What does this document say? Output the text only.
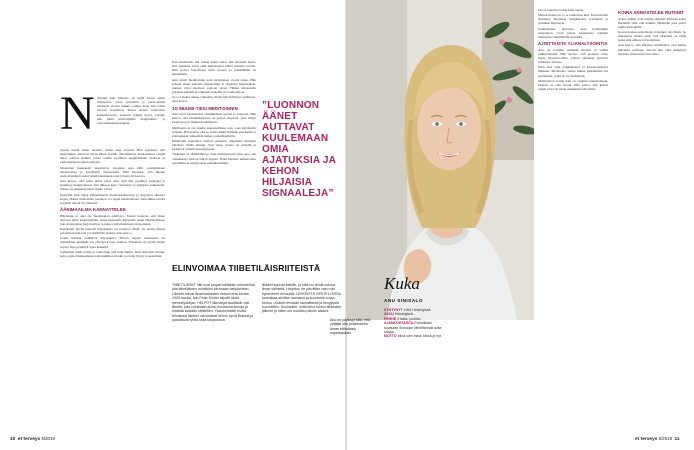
N äytelijä Anu Sinisalo oli neljä vuotta sitten tilanteessa, jossa työelämä ja perhe-elämä tuntuivat vievän kaikki voimat. Kun hän viime talvena harjoitteli Turun linnan teatterissa komediaroolia, teatterin johtaja kysyi, voisiko hän pitää näyttelijöille hengittämis- ja rentoutumisharjoituksia.

Ajatus tuntui ensin oudolta, mutta Anu suostui. Hän huomasi, että harjoitukset auttoivat myös häntä itseään. Muutamassa kuukaudessa ryhmä alkoi odottaa hetkiä, joissa saatiin pysähtyä hengittämään yhdessä ja rauhoittumaan ennen esitystä.

Muutamat kuukaudet muuttuivat vuosiksi. Anu lähti opiskelemaan meditaatiota ja käytännön menetelmiä. Hän huomasi, että mielen rauhoittaminen auttoi häntä jaksamaan sekä työssä että kotona.

Anu kertoo, että sama tunne palaa aina, kun hän pysähtyy hetkeksi ja keskittyy hengitykseen. Sen jälkeen keho rentoutuu ja ajatukset selkenevät. Tunne on yksinkertainen, mutta vahva.

Nykyään Anu ohjaa säännöllisesti meditaatiokursseja ja kirjoittaa aiheesta kirjaa. Hänen mielestään jokainen voi oppia meditoimaan, eikä siihen tarvita erityisiä taitoja tai välineitä.

ÄÄNIMAAILMA KANNATTELEE

Hiljaisuus ei aina ole meditaation edellytys. Monet kokevat, että äänet auttavat heitä keskittymään. Anun kursseilla käytetään usein äänimaailmaa, joka kannattelee harjoittelijaa ja tekee rauhoittumisesta helpompaa.

Kuuntelen hyvää tekevää hiljaisuutta tai luonnon ääniä. Se auttaa minua palaamaan kehooni ja lepäämään hetken, Anu kertoo.

Jotkin ihmiset pelkäävät hiljaisuutta. Silloin ohjattu meditaatio tai rauhallinen musiikki voi olla hyvä tapa aloittaa. Tärkeintä on löytää itselle sopiva tapa pysähtyä arjen keskellä.

Vähitellen mieli tottuu ja rauhoittuu yhä helpommin. Kun harjoitus toistuu, keho oppii tunnistamaan rentoutumisen merkit ja rauha löytyy nopeammin.

Kun meditaatio tuli osaksi Anun arkea, hän huomasi myös, että ajatukset eivät enää kuljettaneet häntä samalla tavalla. Hän pystyi katsomaan niitä sivusta ja päästämään ne menemään.

Anu aloitti meditoinnin noin kymmenen vuotta sitten. Hän kokeili ensin erilaisia menetelmiä ja ohjattuja harjoituksia, kunnes löysi itselleen sopivan tavan. Hänen mielestään jokaisen kannattaa rohkeasti kokeilla eri vaihtoehtoja.

Se voi aluksi tuntua vaikealta, mutta kärsivällisyys palkitaan. Anu kertoo.

JO MUUMI-TIESI MEDITOINNIN

Anu löysi meditaation ensimmäisen kerran jo nuorena. Hän kertoo, että muumikirjoissa on paljon viisautta, joka liittyy läsnäoloon ja hetkessä elämiseen.

Meditaatio ei ole Anulle uskonnollinen asia, vaan käytännön työkalu. Hän kokee, että se auttaa häntä elämään paremmin ja kohtaamaan vaikeatkin hetket rauhallisemmin.

Meditointi kannattaa aloittaa pienestä. Muutama minuutti päivässä riittää alkuun. Voit istua, maata tai kävellä ja keskittyä samalla hengitykseen.

Tärkeintä on säännöllisyys. Kun meditaatiosta tulee tapa, sen vaikutukset alkavat näkyä arjessa. Moni huomaa nukkuvansa paremmin ja reagoivansa rauhallisemmin.

”LUONNON ÄÄNET AUTTAVAT KUULEMAAN OMIA AJATUKSIA JA KEHON HILJAISIA SIGNAALEJA”
ELINVOIMAA TIIBETILÄISRIITEISTÄ
TIIBETILÄISET riitit ovat joogan kaltainen menetelmä, jota tiibetiläisten munkkien kerrotaan harjoitelleen. Liikkeet tulivat länsimaalaisten tietoon ensi kertaa 1930-luvulla, kun Peter Kelder kirjoitti niistä menestyskirjan. HELPOT liikesarjat sisältävät viisi liikettä, joita toistetaan aluksi muutamia kertoja ja määrää lisätään vähitellen. Yksinkertaiset mutta tehokkaat liikkeet vahvistavat kehon syviä lihaksia ja parantavat ryhtiä sekä tasapainoa.
liikkeet sopivat kaikille, ja niitä voi tehdä kotona ilman välineitä. Harjoitus vie päivittäin vain noin kymmenen minuuttia. LIIKKEISTÄ OPETELLESSA kannattaa aloittaa rauhassa ja kuunnella omaa kehoa. Liikkeet tehdään rauhallisesti ja hengitystä kuunnellen. Kuulostele, miltä keho tuntuu liikkeiden jälkeen ja miten olo muuttuu päivän aikana.
10 et terveys 6/2019

kuvaa sanoilla tavalla kuin ennen.

Menen luontoon, ja se rauhoittaa heti. Kun kävelen metsässä, huomaan hengittäväni syvemmin ja ajatukset hiljenevät.

Voimaannun, ehdottaa, saan herkemmin tasapainon. Voin palata kaaoksesta takaisin tilanteesta vähemmällä stressillä.

AJOITTAISTA YLIANALYSOINTIA

Anu on tottunut elämään tiiviisti ja välillä ylikierroksilla. Hän kertoo, että ajoittain tulee myös ylianalysointia, jolloin ajatukset pyörivät samoissa asioissa.

Olen aina ollut pohdiskeleva ja kyseenalaistava ihminen. Meditaatio auttaa minua päästämään irti ajatuksista, joilla ei ole merkitystä.

Meditaation avulla Anu on oppinut tunnistamaan, milloin on aika levätä. Hän sanoo, että kehon viestit kertovat usein enemmän kuin mieli.

KOIRA ANNOSTELEE RUTIINIT

Arjen rutiinit ovat Anulle tärkeitä. Perheen koira huolehtii siitä, että lenkille lähdetään joka päivä säällä kuin säällä.

Koiran kanssa kävellessä on helppo olla läsnä. Se muistuttaa minua siitä, että tärkeintä on tämä hetki eikä eilinen tai huominen.

Anu kertoo, että hiljaiset aamuhetket ovat hänen päivänsä parhaita. Silloin hän ehtii keskittyä itseensä ennen kuin arki alkaa.

et terveys 6/2019 11
Anu on päässyt siitä, että yrittäisi olla jonkinlainen oman elämänsä supersankari.
Kuka
ANU SINISALO
SYNTYNYT 1964 Helsingissä.
ASUU Helsingissä.
PERHE 3 lasta, puoliso.
AJANKOHTAISTA Parhaillaan kuvataan Sinisalon tähdittämää uutta sarjaa.
MOTTO Minä olen minä, tässä ja nyt.
